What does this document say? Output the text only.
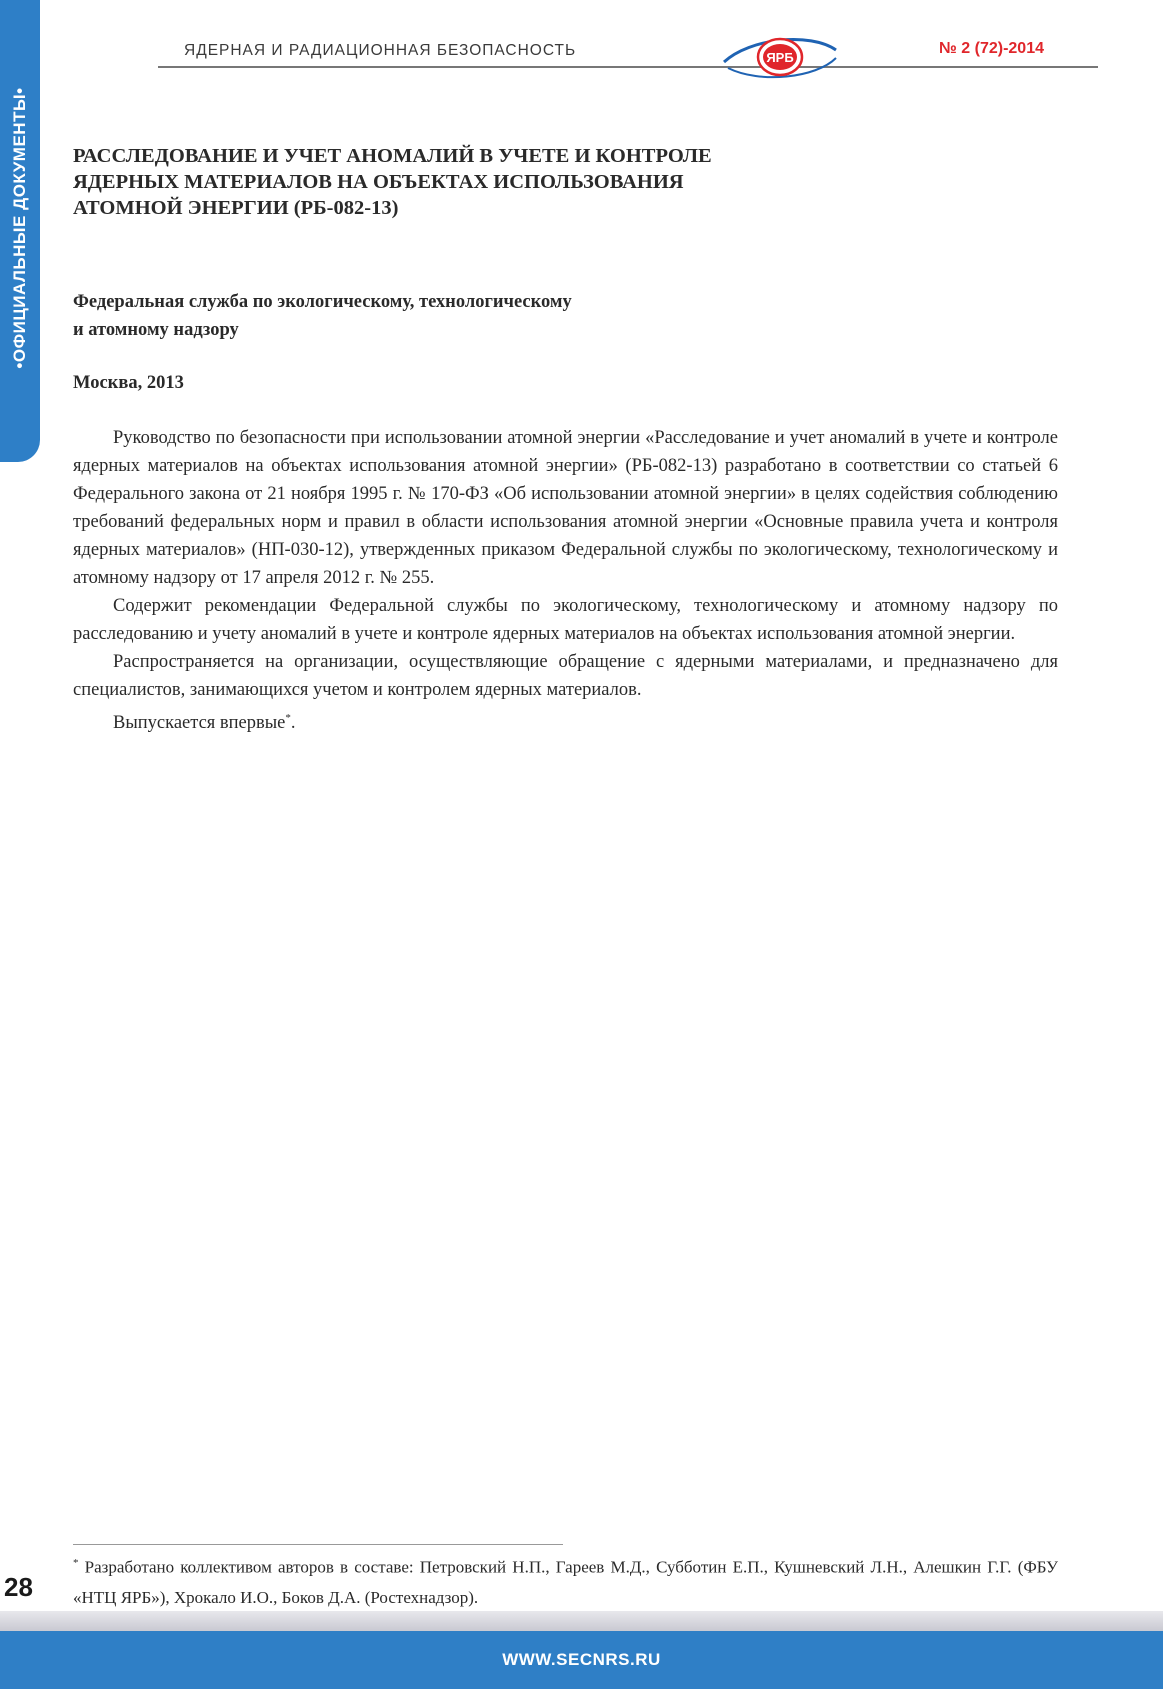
•ОФИЦИАЛЬНЫЕ ДОКУМЕНТЫ•
ЯДЕРНАЯ И РАДИАЦИОННАЯ БЕЗОПАСНОСТЬ	ЯРБ
№ 2 (72)-2014
РАССЛЕДОВАНИЕ И УЧЕТ АНОМАЛИЙ В УЧЕТЕ И КОНТРОЛЕ
ЯДЕРНЫХ МАТЕРИАЛОВ НА ОБЪЕКТАХ ИСПОЛЬЗОВАНИЯ
АТОМНОЙ ЭНЕРГИИ (РБ-082-13)
Федеральная служба по экологическому, технологическому
и атомному надзору
Москва, 2013

Руководство по безопасности при использовании атомной энергии «Расследование и учет аномалий в учете и контроле ядерных материалов на объектах использования атомной энергии» (РБ-082-13) разработано в соответствии со статьей 6 Федерального закона от 21 ноября 1995 г. № 170-ФЗ «Об использовании атомной энергии» в целях содействия соблюдению требований федеральных норм и правил в области использования атомной энергии «Основные правила учета и контроля ядерных материалов» (НП-030-12), утвержденных приказом Федеральной службы по экологическому, технологическому и атомному надзору от 17 апреля 2012 г. № 255.

Содержит рекомендации Федеральной службы по экологическому, технологическому и атомному надзору по расследованию и учету аномалий в учете и контроле ядерных материалов на объектах использования атомной энергии.

Распространяется на организации, осуществляющие обращение с ядерными материалами, и предназначено для специалистов, занимающихся учетом и контролем ядерных материалов.

Выпускается впервые*.

* Разработано коллективом авторов в составе: Петровский Н.П., Гареев М.Д., Субботин Е.П., Кушневский Л.Н., Алешкин Г.Г. (ФБУ «НТЦ ЯРБ»), Хрокало И.О., Боков Д.А. (Ростехнадзор).

28
WWW.SECNRS.RU
